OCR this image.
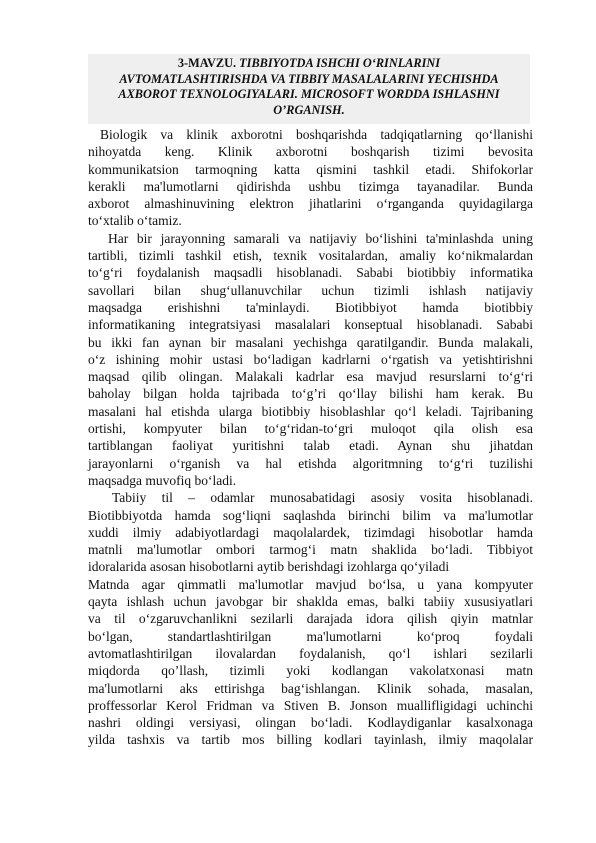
3-MAVZU. TIBBIYOTDA ISHCHI O‘RINLARINI
AVTOMATLASHTIRISHDA VA TIBBIY MASALALARINI YECHISHDA
AXBOROT TEXNOLOGIYALARI. MICROSOFT WORDDA ISHLASHNI
O’RGANISH.
Biologik va klinik axborotni boshqarishda tadqiqatlarning qo‘llanishi
nihoyatda keng. Klinik axborotni boshqarish tizimi bevosita
kommunikatsion tarmoqning katta qismini tashkil etadi. Shifokorlar
kerakli ma'lumotlarni qidirishda ushbu tizimga tayanadilar. Bunda
axborot almashinuvining elektron jihatlarini o‘rganganda quyidagilarga
to‘xtalib o‘tamiz.
Har bir jarayonning samarali va natijaviy bo‘lishini ta'minlashda uning
tartibli, tizimli tashkil etish, texnik vositalardan, amaliy ko‘nikmalardan
to‘g‘ri foydalanish maqsadli hisoblanadi. Sababi biotibbiy informatika
savollari bilan shug‘ullanuvchilar uchun tizimli ishlash natijaviy
maqsadga erishishni ta'minlaydi. Biotibbiyot hamda biotibbiy
informatikaning integratsiyasi masalalari konseptual hisoblanadi. Sababi
bu ikki fan aynan bir masalani yechishga qaratilgandir. Bunda malakali,
o‘z ishining mohir ustasi bo‘ladigan kadrlarni o‘rgatish va yetishtirishni
maqsad qilib olingan. Malakali kadrlar esa mavjud resurslarni to‘g‘ri
baholay bilgan holda tajribada to‘g’ri qo‘llay bilishi ham kerak. Bu
masalani hal etishda ularga biotibbiy hisoblashlar qo‘l keladi. Tajribaning
ortishi, kompyuter bilan to‘g‘ridan-to‘gri muloqot qila olish esa
tartiblangan faoliyat yuritishni talab etadi. Aynan shu jihatdan
jarayonlarni o‘rganish va hal etishda algoritmning to‘g‘ri tuzilishi
maqsadga muvofiq bo‘ladi.
Tabiiy til – odamlar munosabatidagi asosiy vosita hisoblanadi.
Biotibbiyotda hamda sog‘liqni saqlashda birinchi bilim va ma'lumotlar
xuddi ilmiy adabiyotlardagi maqolalardek, tizimdagi hisobotlar hamda
matnli ma'lumotlar ombori tarmog‘i matn shaklida bo‘ladi. Tibbiyot
idoralarida asosan hisobotlarni aytib berishdagi izohlarga qo‘yiladi
Matnda agar qimmatli ma'lumotlar mavjud bo‘lsa, u yana kompyuter
qayta ishlash uchun javobgar bir shaklda emas, balki tabiiy xususiyatlari
va til o‘zgaruvchanlikni sezilarli darajada idora qilish qiyin matnlar
bo‘lgan, standartlashtirilgan ma'lumotlarni ko‘proq foydali
avtomatlashtirilgan ilovalardan foydalanish, qo‘l ishlari sezilarli
miqdorda qo’llash, tizimli yoki kodlangan vakolatxonasi matn
ma'lumotlarni aks ettirishga bag‘ishlangan. Klinik sohada, masalan,
proffessorlar Kerol Fridman va Stiven B. Jonson muallifligidagi uchinchi
nashri oldingi versiyasi, olingan bo‘ladi. Kodlaydiganlar kasalxonaga
yilda tashxis va tartib mos billing kodlari tayinlash, ilmiy maqolalar
